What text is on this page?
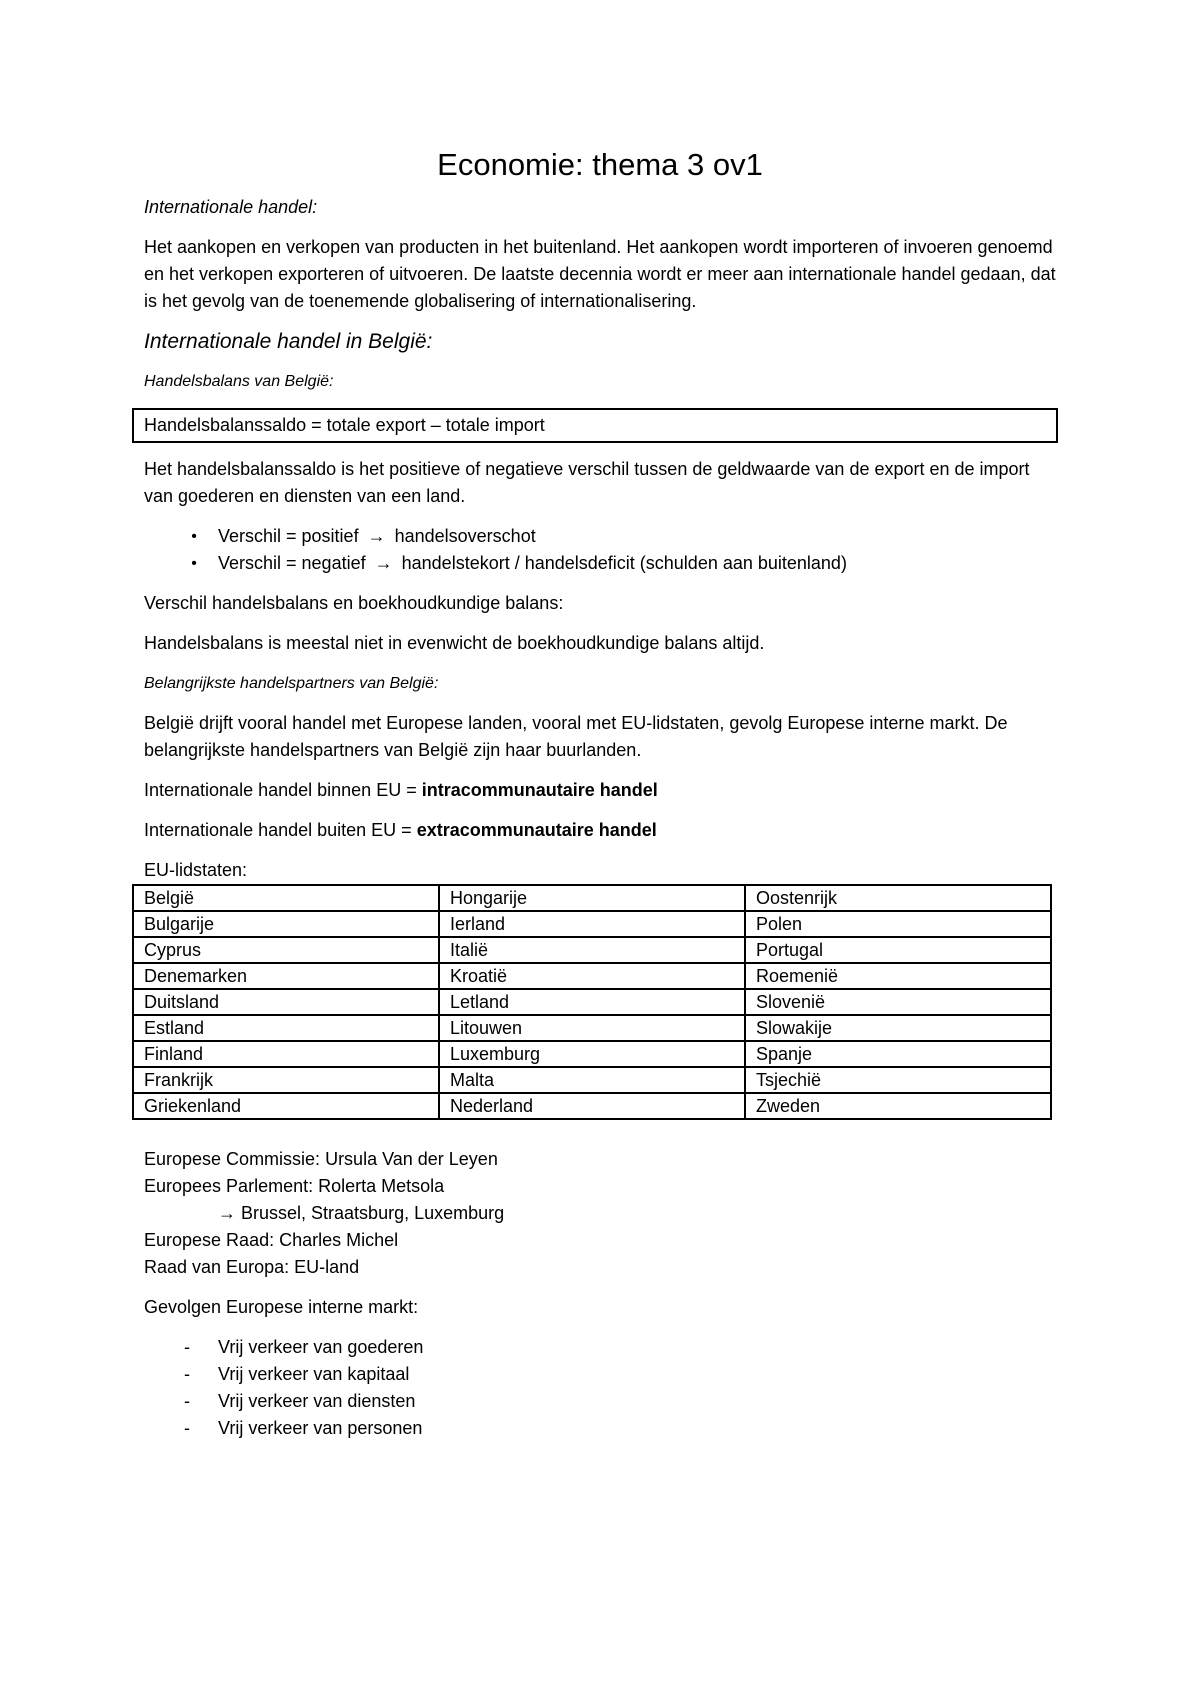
Economie: thema 3 ov1
Internationale handel:

Het aankopen en verkopen van producten in het buitenland. Het aankopen wordt importeren of invoeren genoemd en het verkopen exporteren of uitvoeren. De laatste decennia wordt er meer aan internationale handel gedaan, dat is het gevolg van de toenemende globalisering of internationalisering.

Internationale handel in België:
Handelsbalans van België:
Handelsbalanssaldo = totale export – totale import

Het handelsbalanssaldo is het positieve of negatieve verschil tussen de geldwaarde van de export en de import van goederen en diensten van een land.

• Verschil = positief → handelsoverschot
• Verschil = negatief → handelstekort / handelsdeficit (schulden aan buitenland)

Verschil handelsbalans en boekhoudkundige balans:

Handelsbalans is meestal niet in evenwicht de boekhoudkundige balans altijd.

Belangrijkste handelspartners van België:

België drijft vooral handel met Europese landen, vooral met EU-lidstaten, gevolg Europese interne markt. De belangrijkste handelspartners van België zijn haar buurlanden.

Internationale handel binnen EU = intracommunautaire handel

Internationale handel buiten EU = extracommunautaire handel

EU-lidstaten:
België	Hongarije	Oostenrijk
Bulgarije	Ierland	Polen
Cyprus	Italië	Portugal
Denemarken	Kroatië	Roemenië
Duitsland	Letland	Slovenië
Estland	Litouwen	Slowakije
Finland	Luxemburg	Spanje
Frankrijk	Malta	Tsjechië
Griekenland	Nederland	Zweden
Europese Commissie: Ursula Van der Leyen
Europees Parlement: Rolerta Metsola
→ Brussel, Straatsburg, Luxemburg
Europese Raad: Charles Michel
Raad van Europa: EU-land

Gevolgen Europese interne markt:

- Vrij verkeer van goederen
- Vrij verkeer van kapitaal
- Vrij verkeer van diensten
- Vrij verkeer van personen
